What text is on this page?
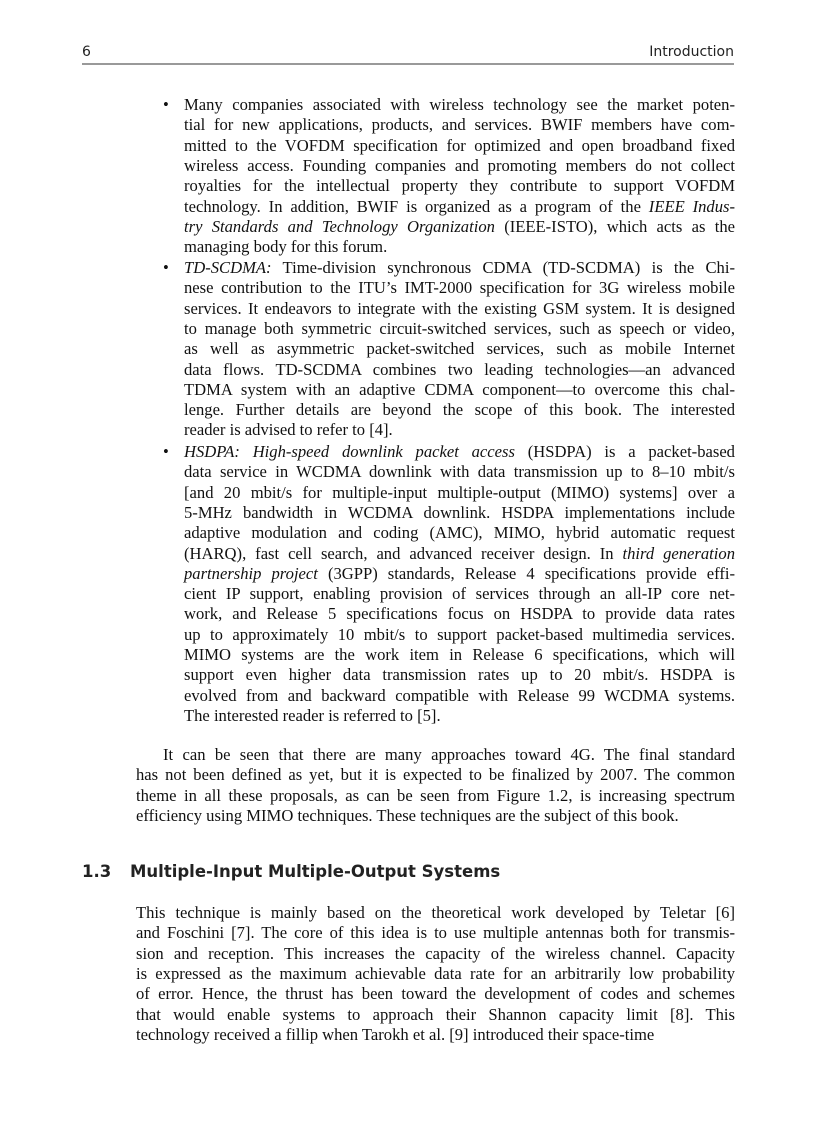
6	Introduction
• Many companies associated with wireless technology see the market poten-
tial for new applications, products, and services. BWIF members have com-
mitted to the VOFDM specification for optimized and open broadband fixed
wireless access. Founding companies and promoting members do not collect
royalties for the intellectual property they contribute to support VOFDM
technology. In addition, BWIF is organized as a program of the IEEE Indus-
try Standards and Technology Organization (IEEE-ISTO), which acts as the
managing body for this forum.
• TD-SCDMA: Time-division synchronous CDMA (TD-SCDMA) is the Chi-
nese contribution to the ITU’s IMT-2000 specification for 3G wireless mobile
services. It endeavors to integrate with the existing GSM system. It is designed
to manage both symmetric circuit-switched services, such as speech or video,
as well as asymmetric packet-switched services, such as mobile Internet
data flows. TD-SCDMA combines two leading technologies—an advanced
TDMA system with an adaptive CDMA component—to overcome this chal-
lenge. Further details are beyond the scope of this book. The interested
reader is advised to refer to [4].
• HSDPA: High-speed downlink packet access (HSDPA) is a packet-based
data service in WCDMA downlink with data transmission up to 8–10 mbit/s
[and 20 mbit/s for multiple-input multiple-output (MIMO) systems] over a
5-MHz bandwidth in WCDMA downlink. HSDPA implementations include
adaptive modulation and coding (AMC), MIMO, hybrid automatic request
(HARQ), fast cell search, and advanced receiver design. In third generation
partnership project (3GPP) standards, Release 4 specifications provide effi-
cient IP support, enabling provision of services through an all-IP core net-
work, and Release 5 specifications focus on HSDPA to provide data rates
up to approximately 10 mbit/s to support packet-based multimedia services.
MIMO systems are the work item in Release 6 specifications, which will
support even higher data transmission rates up to 20 mbit/s. HSDPA is
evolved from and backward compatible with Release 99 WCDMA systems.
The interested reader is referred to [5].
It can be seen that there are many approaches toward 4G. The final standard
has not been defined as yet, but it is expected to be finalized by 2007. The common
theme in all these proposals, as can be seen from Figure 1.2, is increasing spectrum
efficiency using MIMO techniques. These techniques are the subject of this book.
This technique is mainly based on the theoretical work developed by Teletar [6]
and Foschini [7]. The core of this idea is to use multiple antennas both for transmis-
sion and reception. This increases the capacity of the wireless channel. Capacity
is expressed as the maximum achievable data rate for an arbitrarily low probability
of error. Hence, the thrust has been toward the development of codes and schemes
that would enable systems to approach their Shannon capacity limit [8]. This
technology received a fillip when Tarokh et al. [9] introduced their space-time
1.3 Multiple-Input Multiple-Output Systems
